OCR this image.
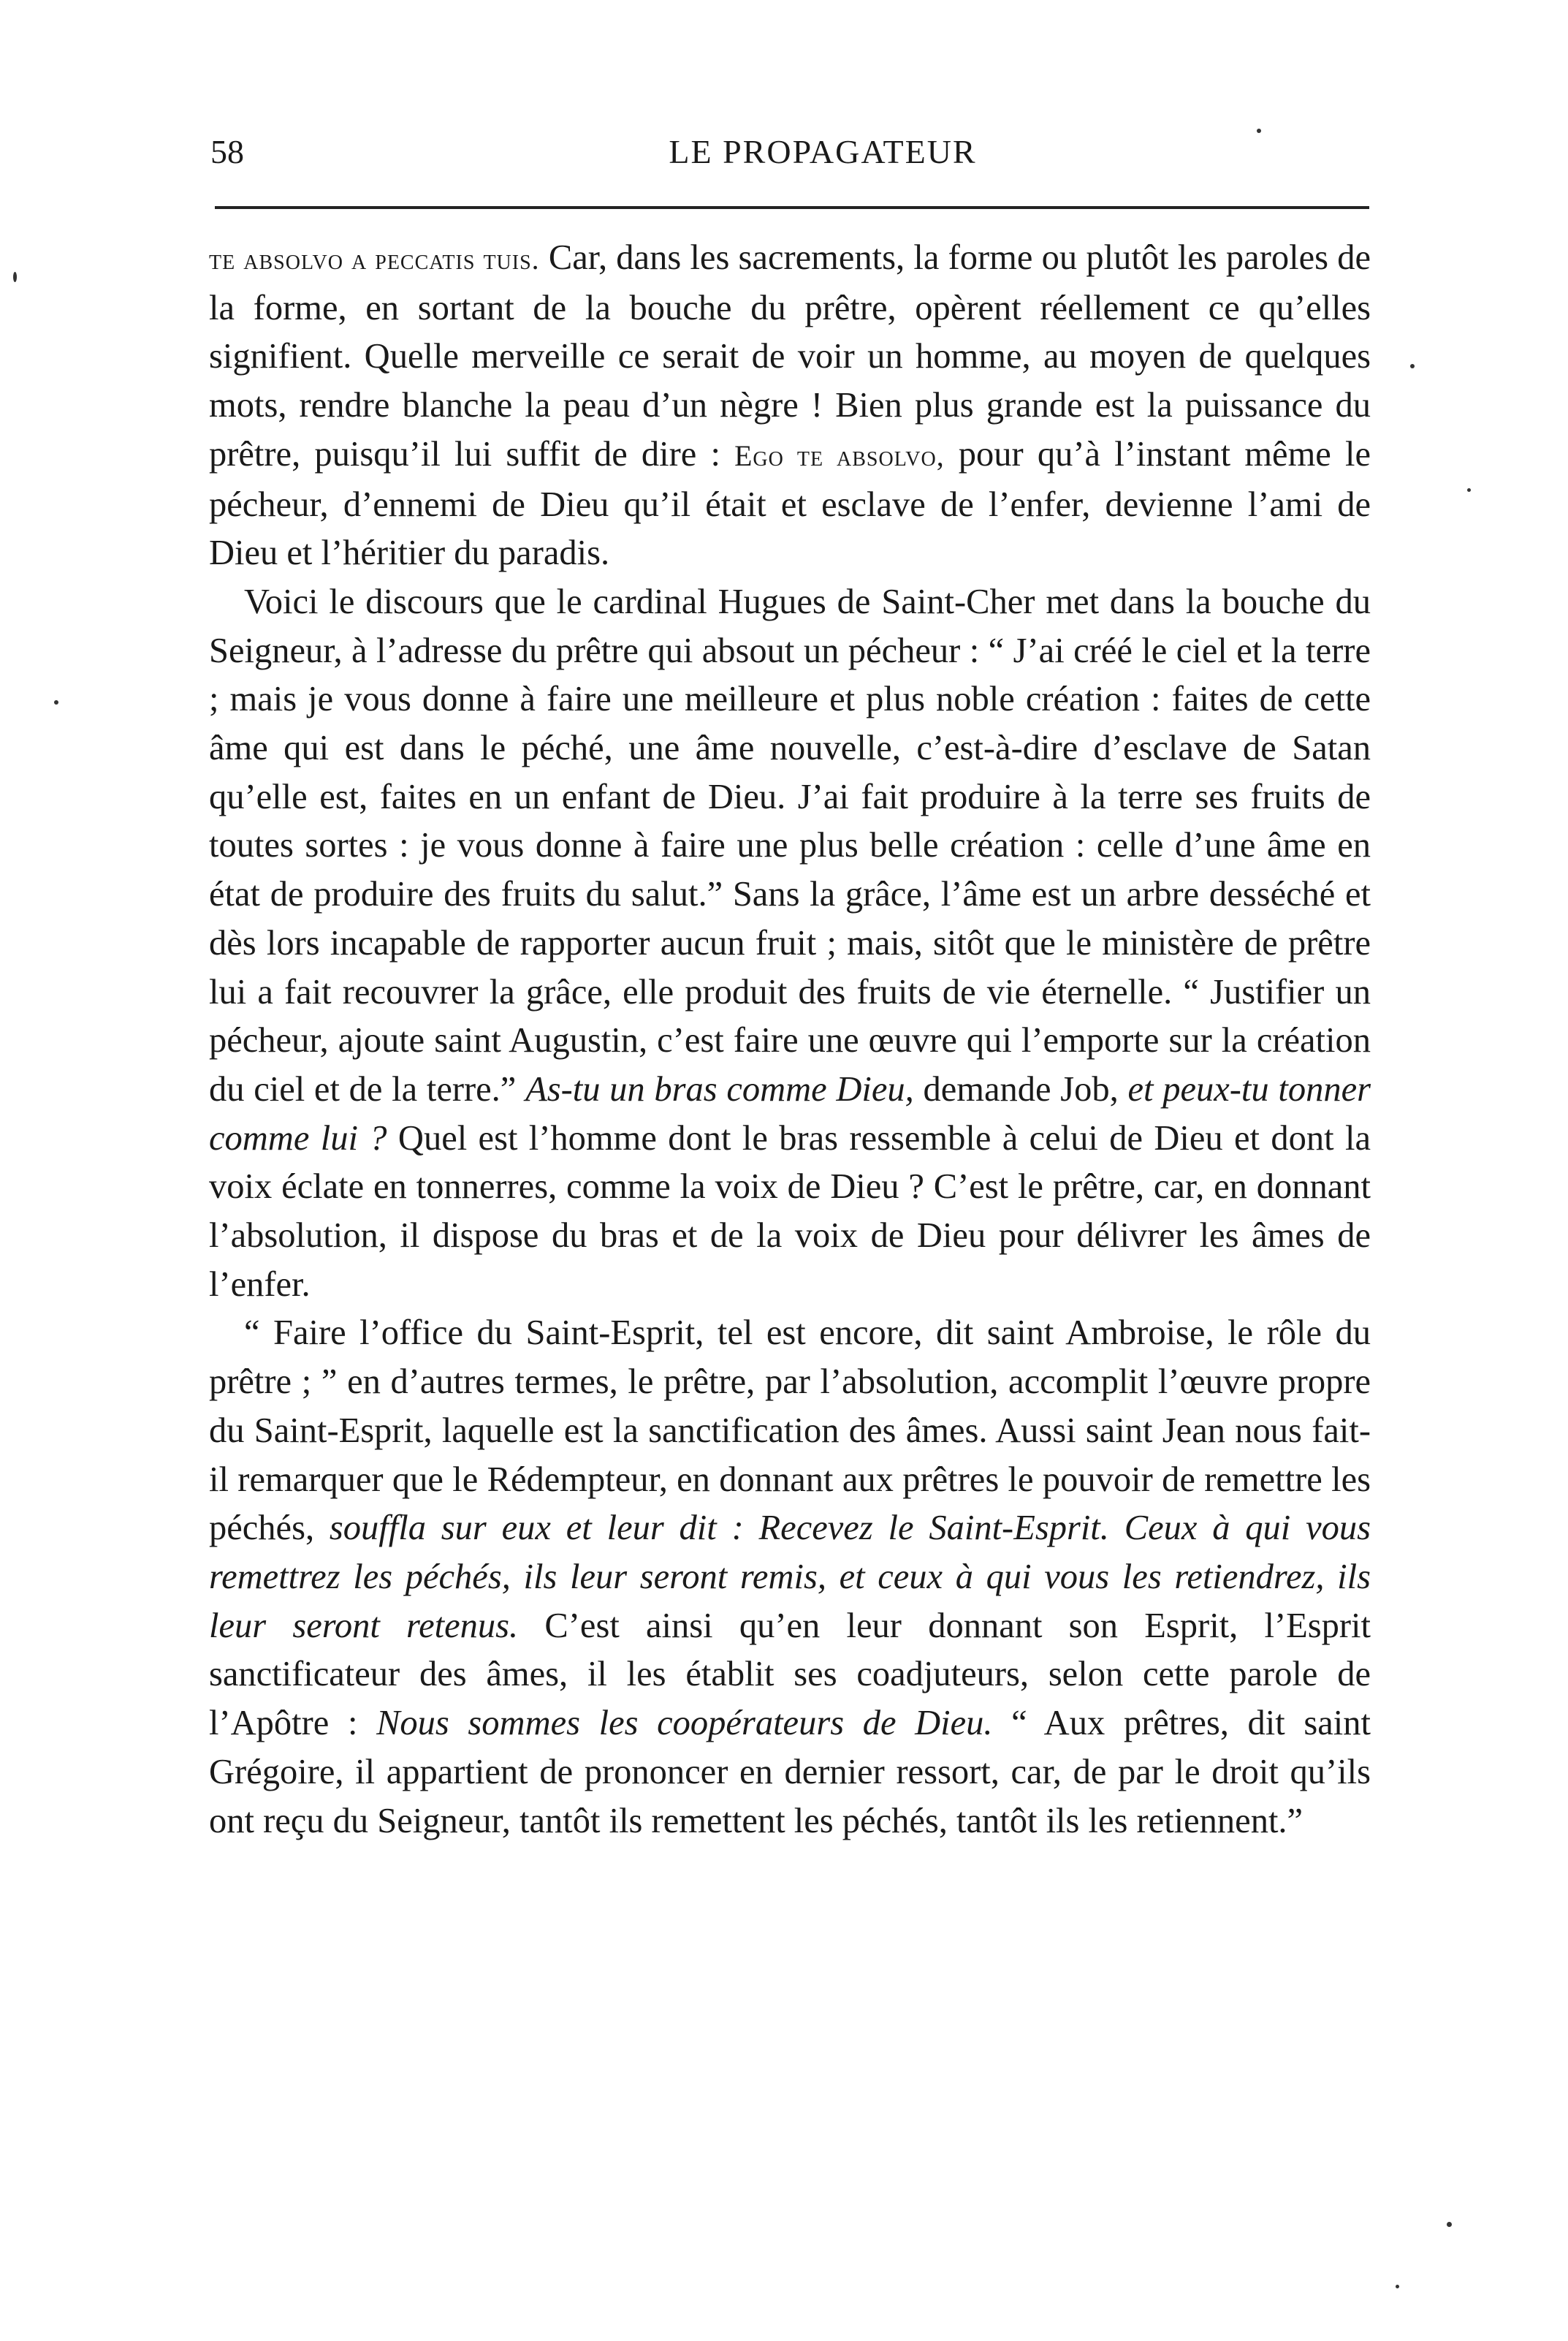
58	LE PROPAGATEUR

te absolvo a peccatis tuis. Car, dans les sacrements, la forme ou plutôt les paroles de la forme, en sortant de la bouche du prêtre, opèrent réellement ce qu’elles signifient. Quelle merveille ce serait de voir un homme, au moyen de quelques mots, rendre blanche la peau d’un nègre ! Bien plus grande est la puissance du prêtre, puisqu’il lui suffit de dire : Ego te absolvo, pour qu’à l’instant même le pécheur, d’ennemi de Dieu qu’il était et esclave de l’enfer, devienne l’ami de Dieu et l’héritier du paradis.

Voici le discours que le cardinal Hugues de Saint-Cher met dans la bouche du Seigneur, à l’adresse du prêtre qui absout un pécheur : “ J’ai créé le ciel et la terre ; mais je vous donne à faire une meilleure et plus noble création : faites de cette âme qui est dans le péché, une âme nouvelle, c’est-à-dire d’esclave de Satan qu’elle est, faites en un enfant de Dieu. J’ai fait produire à la terre ses fruits de toutes sortes : je vous donne à faire une plus belle création : celle d’une âme en état de produire des fruits du salut.” Sans la grâce, l’âme est un arbre desséché et dès lors incapable de rapporter aucun fruit ; mais, sitôt que le ministère de prêtre lui a fait recouvrer la grâce, elle produit des fruits de vie éternelle. “ Justifier un pécheur, ajoute saint Augustin, c’est faire une œuvre qui l’emporte sur la création du ciel et de la terre.” As-tu un bras comme Dieu, demande Job, et peux-tu tonner comme lui ? Quel est l’homme dont le bras ressemble à celui de Dieu et dont la voix éclate en tonnerres, comme la voix de Dieu ? C’est le prêtre, car, en donnant l’absolution, il dispose du bras et de la voix de Dieu pour délivrer les âmes de l’enfer.

“ Faire l’office du Saint-Esprit, tel est encore, dit saint Ambroise, le rôle du prêtre ; ” en d’autres termes, le prêtre, par l’absolution, accomplit l’œuvre propre du Saint-Esprit, laquelle est la sanctification des âmes. Aussi saint Jean nous fait-il remarquer que le Rédempteur, en donnant aux prêtres le pouvoir de remettre les péchés, souffla sur eux et leur dit : Recevez le Saint-Esprit. Ceux à qui vous remettrez les péchés, ils leur seront remis, et ceux à qui vous les retiendrez, ils leur seront retenus. C’est ainsi qu’en leur donnant son Esprit, l’Esprit sanctificateur des âmes, il les établit ses coadjuteurs, selon cette parole de l’Apôtre : Nous sommes les coopérateurs de Dieu. “ Aux prêtres, dit saint Grégoire, il appartient de prononcer en dernier ressort, car, de par le droit qu’ils ont reçu du Seigneur, tantôt ils remettent les péchés, tantôt ils les retiennent.”
